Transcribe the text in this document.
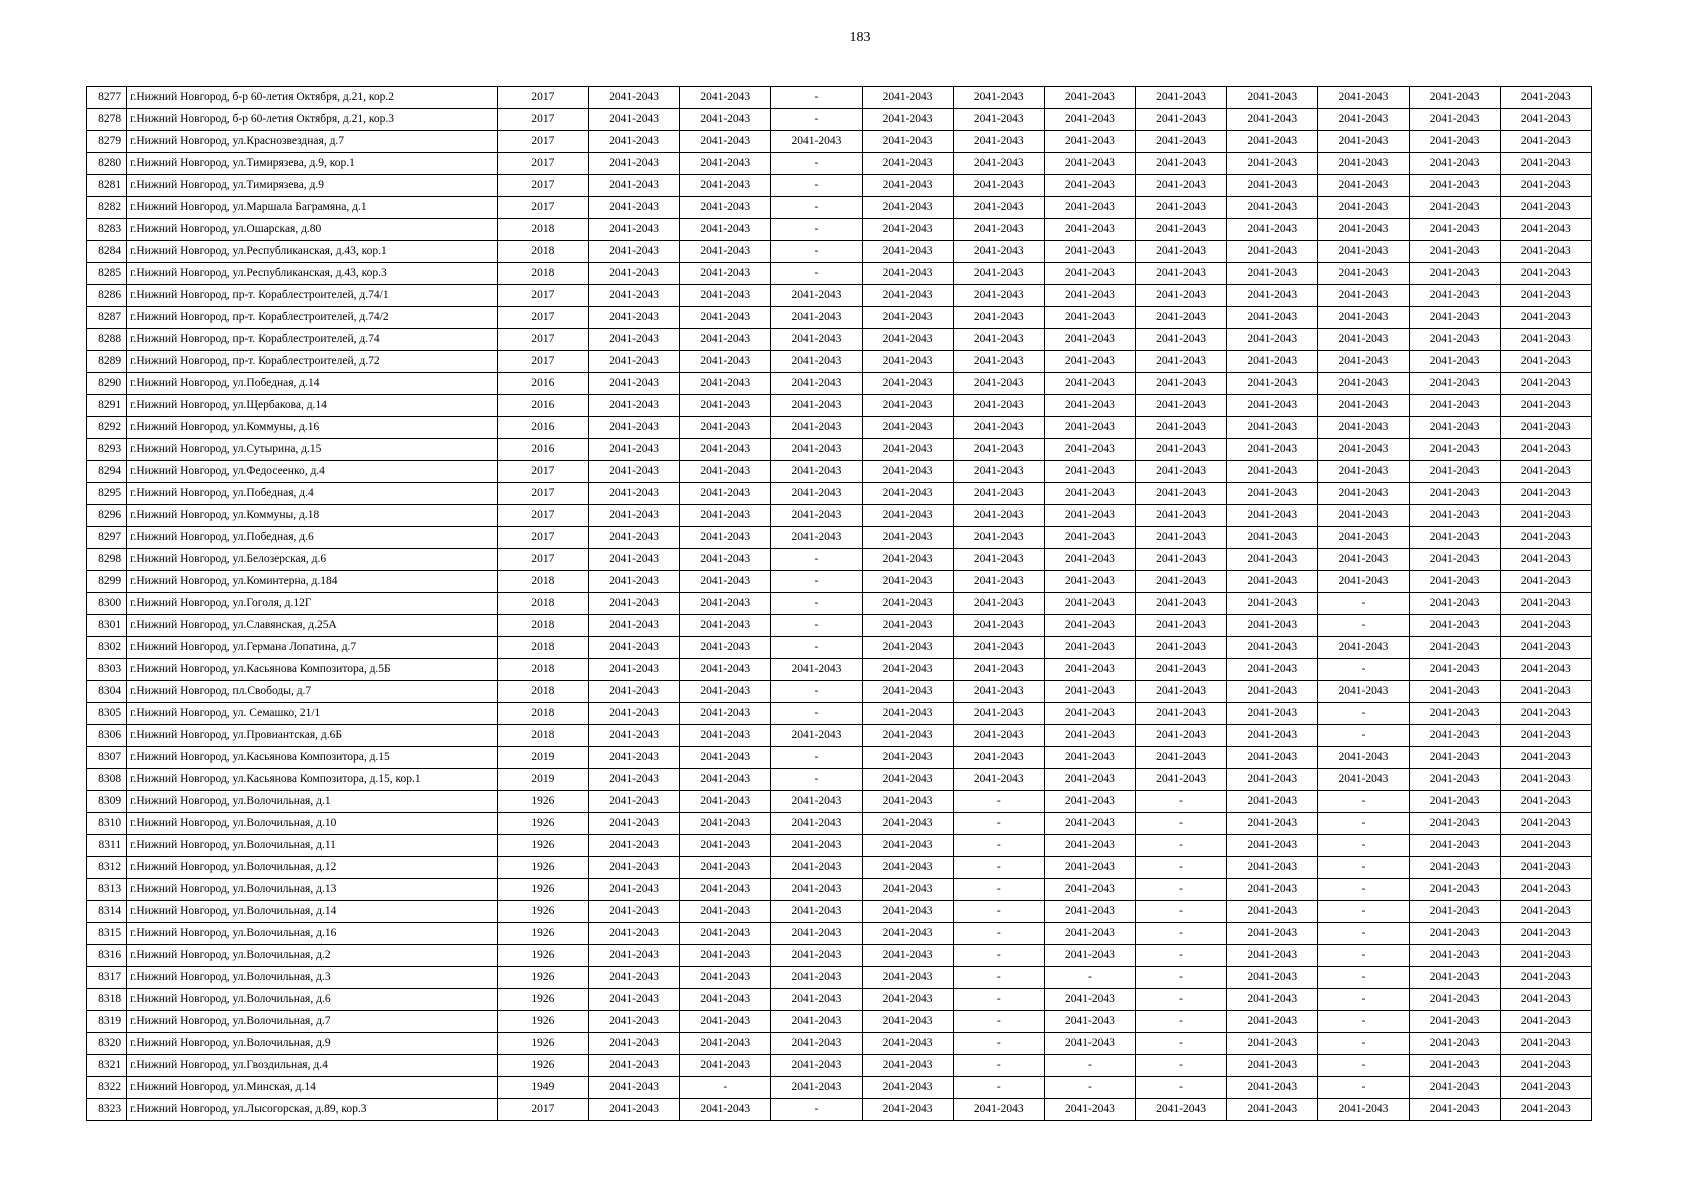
183
8277	г.Нижний Новгород, б-р 60-летия Октября, д.21, кор.2	2017	2041-2043	2041-2043	-	2041-2043	2041-2043	2041-2043	2041-2043	2041-2043	2041-2043	2041-2043	2041-2043
8278	г.Нижний Новгород, б-р 60-летия Октября, д.21, кор.3	2017	2041-2043	2041-2043	-	2041-2043	2041-2043	2041-2043	2041-2043	2041-2043	2041-2043	2041-2043	2041-2043
8279	г.Нижний Новгород, ул.Краснозвездная, д.7	2017	2041-2043	2041-2043	2041-2043	2041-2043	2041-2043	2041-2043	2041-2043	2041-2043	2041-2043	2041-2043	2041-2043
8280	г.Нижний Новгород, ул.Тимирязева, д.9, кор.1	2017	2041-2043	2041-2043	-	2041-2043	2041-2043	2041-2043	2041-2043	2041-2043	2041-2043	2041-2043	2041-2043
8281	г.Нижний Новгород, ул.Тимирязева, д.9	2017	2041-2043	2041-2043	-	2041-2043	2041-2043	2041-2043	2041-2043	2041-2043	2041-2043	2041-2043	2041-2043
8282	г.Нижний Новгород, ул.Маршала Баграмяна, д.1	2017	2041-2043	2041-2043	-	2041-2043	2041-2043	2041-2043	2041-2043	2041-2043	2041-2043	2041-2043	2041-2043
8283	г.Нижний Новгород, ул.Ошарская, д.80	2018	2041-2043	2041-2043	-	2041-2043	2041-2043	2041-2043	2041-2043	2041-2043	2041-2043	2041-2043	2041-2043
8284	г.Нижний Новгород, ул.Республиканская, д.43, кор.1	2018	2041-2043	2041-2043	-	2041-2043	2041-2043	2041-2043	2041-2043	2041-2043	2041-2043	2041-2043	2041-2043
8285	г.Нижний Новгород, ул.Республиканская, д.43, кор.3	2018	2041-2043	2041-2043	-	2041-2043	2041-2043	2041-2043	2041-2043	2041-2043	2041-2043	2041-2043	2041-2043
8286	г.Нижний Новгород, пр-т. Кораблестроителей, д.74/1	2017	2041-2043	2041-2043	2041-2043	2041-2043	2041-2043	2041-2043	2041-2043	2041-2043	2041-2043	2041-2043	2041-2043
8287	г.Нижний Новгород, пр-т. Кораблестроителей, д.74/2	2017	2041-2043	2041-2043	2041-2043	2041-2043	2041-2043	2041-2043	2041-2043	2041-2043	2041-2043	2041-2043	2041-2043
8288	г.Нижний Новгород, пр-т. Кораблестроителей, д.74	2017	2041-2043	2041-2043	2041-2043	2041-2043	2041-2043	2041-2043	2041-2043	2041-2043	2041-2043	2041-2043	2041-2043
8289	г.Нижний Новгород, пр-т. Кораблестроителей, д.72	2017	2041-2043	2041-2043	2041-2043	2041-2043	2041-2043	2041-2043	2041-2043	2041-2043	2041-2043	2041-2043	2041-2043
8290	г.Нижний Новгород, ул.Победная, д.14	2016	2041-2043	2041-2043	2041-2043	2041-2043	2041-2043	2041-2043	2041-2043	2041-2043	2041-2043	2041-2043	2041-2043
8291	г.Нижний Новгород, ул.Щербакова, д.14	2016	2041-2043	2041-2043	2041-2043	2041-2043	2041-2043	2041-2043	2041-2043	2041-2043	2041-2043	2041-2043	2041-2043
8292	г.Нижний Новгород, ул.Коммуны, д.16	2016	2041-2043	2041-2043	2041-2043	2041-2043	2041-2043	2041-2043	2041-2043	2041-2043	2041-2043	2041-2043	2041-2043
8293	г.Нижний Новгород, ул.Сутырина, д.15	2016	2041-2043	2041-2043	2041-2043	2041-2043	2041-2043	2041-2043	2041-2043	2041-2043	2041-2043	2041-2043	2041-2043
8294	г.Нижний Новгород, ул.Федосеенко, д.4	2017	2041-2043	2041-2043	2041-2043	2041-2043	2041-2043	2041-2043	2041-2043	2041-2043	2041-2043	2041-2043	2041-2043
8295	г.Нижний Новгород, ул.Победная, д.4	2017	2041-2043	2041-2043	2041-2043	2041-2043	2041-2043	2041-2043	2041-2043	2041-2043	2041-2043	2041-2043	2041-2043
8296	г.Нижний Новгород, ул.Коммуны, д.18	2017	2041-2043	2041-2043	2041-2043	2041-2043	2041-2043	2041-2043	2041-2043	2041-2043	2041-2043	2041-2043	2041-2043
8297	г.Нижний Новгород, ул.Победная, д.6	2017	2041-2043	2041-2043	2041-2043	2041-2043	2041-2043	2041-2043	2041-2043	2041-2043	2041-2043	2041-2043	2041-2043
8298	г.Нижний Новгород, ул.Белозерская, д.6	2017	2041-2043	2041-2043	-	2041-2043	2041-2043	2041-2043	2041-2043	2041-2043	2041-2043	2041-2043	2041-2043
8299	г.Нижний Новгород, ул.Коминтерна, д.184	2018	2041-2043	2041-2043	-	2041-2043	2041-2043	2041-2043	2041-2043	2041-2043	2041-2043	2041-2043	2041-2043
8300	г.Нижний Новгород, ул.Гоголя, д.12Г	2018	2041-2043	2041-2043	-	2041-2043	2041-2043	2041-2043	2041-2043	2041-2043	-	2041-2043	2041-2043
8301	г.Нижний Новгород, ул.Славянская, д.25А	2018	2041-2043	2041-2043	-	2041-2043	2041-2043	2041-2043	2041-2043	2041-2043	-	2041-2043	2041-2043
8302	г.Нижний Новгород, ул.Германа Лопатина, д.7	2018	2041-2043	2041-2043	-	2041-2043	2041-2043	2041-2043	2041-2043	2041-2043	2041-2043	2041-2043	2041-2043
8303	г.Нижний Новгород, ул.Касьянова Композитора, д.5Б	2018	2041-2043	2041-2043	2041-2043	2041-2043	2041-2043	2041-2043	2041-2043	2041-2043	-	2041-2043	2041-2043
8304	г.Нижний Новгород, пл.Свободы, д.7	2018	2041-2043	2041-2043	-	2041-2043	2041-2043	2041-2043	2041-2043	2041-2043	2041-2043	2041-2043	2041-2043
8305	г.Нижний Новгород, ул. Семашко, 21/1	2018	2041-2043	2041-2043	-	2041-2043	2041-2043	2041-2043	2041-2043	2041-2043	-	2041-2043	2041-2043
8306	г.Нижний Новгород, ул.Провиантская, д.6Б	2018	2041-2043	2041-2043	2041-2043	2041-2043	2041-2043	2041-2043	2041-2043	2041-2043	-	2041-2043	2041-2043
8307	г.Нижний Новгород, ул.Касьянова Композитора, д.15	2019	2041-2043	2041-2043	-	2041-2043	2041-2043	2041-2043	2041-2043	2041-2043	2041-2043	2041-2043	2041-2043
8308	г.Нижний Новгород, ул.Касьянова Композитора, д.15, кор.1	2019	2041-2043	2041-2043	-	2041-2043	2041-2043	2041-2043	2041-2043	2041-2043	2041-2043	2041-2043	2041-2043
8309	г.Нижний Новгород, ул.Волочильная, д.1	1926	2041-2043	2041-2043	2041-2043	2041-2043	-	2041-2043	-	2041-2043	-	2041-2043	2041-2043
8310	г.Нижний Новгород, ул.Волочильная, д.10	1926	2041-2043	2041-2043	2041-2043	2041-2043	-	2041-2043	-	2041-2043	-	2041-2043	2041-2043
8311	г.Нижний Новгород, ул.Волочильная, д.11	1926	2041-2043	2041-2043	2041-2043	2041-2043	-	2041-2043	-	2041-2043	-	2041-2043	2041-2043
8312	г.Нижний Новгород, ул.Волочильная, д.12	1926	2041-2043	2041-2043	2041-2043	2041-2043	-	2041-2043	-	2041-2043	-	2041-2043	2041-2043
8313	г.Нижний Новгород, ул.Волочильная, д.13	1926	2041-2043	2041-2043	2041-2043	2041-2043	-	2041-2043	-	2041-2043	-	2041-2043	2041-2043
8314	г.Нижний Новгород, ул.Волочильная, д.14	1926	2041-2043	2041-2043	2041-2043	2041-2043	-	2041-2043	-	2041-2043	-	2041-2043	2041-2043
8315	г.Нижний Новгород, ул.Волочильная, д.16	1926	2041-2043	2041-2043	2041-2043	2041-2043	-	2041-2043	-	2041-2043	-	2041-2043	2041-2043
8316	г.Нижний Новгород, ул.Волочильная, д.2	1926	2041-2043	2041-2043	2041-2043	2041-2043	-	2041-2043	-	2041-2043	-	2041-2043	2041-2043
8317	г.Нижний Новгород, ул.Волочильная, д.3	1926	2041-2043	2041-2043	2041-2043	2041-2043	-	-	-	2041-2043	-	2041-2043	2041-2043
8318	г.Нижний Новгород, ул.Волочильная, д.6	1926	2041-2043	2041-2043	2041-2043	2041-2043	-	2041-2043	-	2041-2043	-	2041-2043	2041-2043
8319	г.Нижний Новгород, ул.Волочильная, д.7	1926	2041-2043	2041-2043	2041-2043	2041-2043	-	2041-2043	-	2041-2043	-	2041-2043	2041-2043
8320	г.Нижний Новгород, ул.Волочильная, д.9	1926	2041-2043	2041-2043	2041-2043	2041-2043	-	2041-2043	-	2041-2043	-	2041-2043	2041-2043
8321	г.Нижний Новгород, ул.Гвоздильная, д.4	1926	2041-2043	2041-2043	2041-2043	2041-2043	-	-	-	2041-2043	-	2041-2043	2041-2043
8322	г.Нижний Новгород, ул.Минская, д.14	1949	2041-2043	-	2041-2043	2041-2043	-	-	-	2041-2043	-	2041-2043	2041-2043
8323	г.Нижний Новгород, ул.Лысогорская, д.89, кор.3	2017	2041-2043	2041-2043	-	2041-2043	2041-2043	2041-2043	2041-2043	2041-2043	2041-2043	2041-2043	2041-2043
